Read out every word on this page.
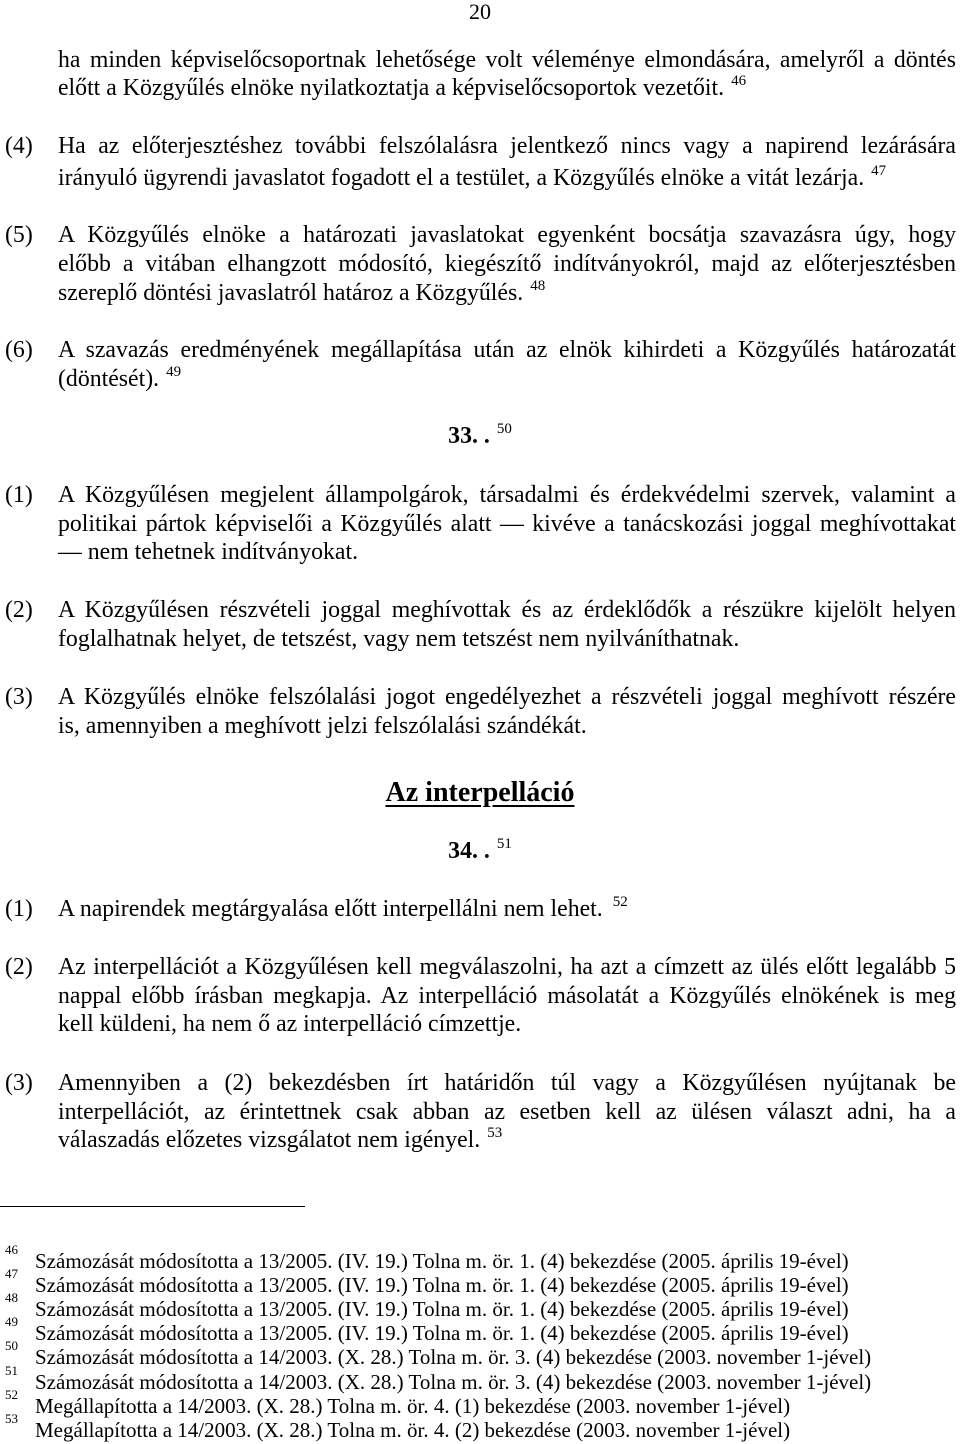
20
ha minden képviselőcsoportnak lehetősége volt véleménye elmondására, amelyről a döntés
előtt a Közgyűlés elnöke nyilatkoztatja a képviselőcsoportok vezetőit. $^{46}$
(4) Ha az előterjesztéshez további felszólalásra jelentkező nincs vagy a napirend lezárására
irányuló ügyrendi javaslatot fogadott el a testület, a Közgyűlés elnöke a vitát lezárja. $^{47}$
(5) A Közgyűlés elnöke a határozati javaslatokat egyenként bocsátja szavazásra úgy, hogy
előbb a vitában elhangzott módosító, kiegészítő indítványokról, majd az előterjesztésben
szereplő döntési javaslatról határoz a Közgyűlés. $^{48}$
(6) A szavazás eredményének megállapítása után az elnök kihirdeti a Közgyűlés határozatát
(döntését). $^{49}$
33. . $^{50}$
(1) A Közgyűlésen megjelent állampolgárok, társadalmi és érdekvédelmi szervek, valamint a
politikai pártok képviselői a Közgyűlés alatt — kivéve a tanácskozási joggal meghívottakat
— nem tehetnek indítványokat.
(2) A Közgyűlésen részvételi joggal meghívottak és az érdeklődők a részükre kijelölt helyen
foglalhatnak helyet, de tetszést, vagy nem tetszést nem nyilváníthatnak.
(3) A Közgyűlés elnöke felszólalási jogot engedélyezhet a részvételi joggal meghívott részére
is, amennyiben a meghívott jelzi felszólalási szándékát.
Az interpelláció
34. . $^{51}$
(1) A napirendek megtárgyalása előtt interpellálni nem lehet. $^{52}$
(2) Az interpellációt a Közgyűlésen kell megválaszolni, ha azt a címzett az ülés előtt legalább 5
nappal előbb írásban megkapja. Az interpelláció másolatát a Közgyűlés elnökének is meg
kell küldeni, ha nem ő az interpelláció címzettje.
(3) Amennyiben a (2) bekezdésben írt határidőn túl vagy a Közgyűlésen nyújtanak be
interpellációt, az érintettnek csak abban az esetben kell az ülésen választ adni, ha a
válaszadás előzetes vizsgálatot nem igényel. $^{53}$
46 Számozását módosította a 13/2005. (IV. 19.) Tolna m. ör. 1. (4) bekezdése (2005. április 19-ével)
47 Számozását módosította a 13/2005. (IV. 19.) Tolna m. ör. 1. (4) bekezdése (2005. április 19-ével)
48 Számozását módosította a 13/2005. (IV. 19.) Tolna m. ör. 1. (4) bekezdése (2005. április 19-ével)
49 Számozását módosította a 13/2005. (IV. 19.) Tolna m. ör. 1. (4) bekezdése (2005. április 19-ével)
50 Számozását módosította a 14/2003. (X. 28.) Tolna m. ör. 3. (4) bekezdése (2003. november 1-jével)
51 Számozását módosította a 14/2003. (X. 28.) Tolna m. ör. 3. (4) bekezdése (2003. november 1-jével)
52 Megállapította a 14/2003. (X. 28.) Tolna m. ör. 4. (1) bekezdése (2003. november 1-jével)
53 Megállapította a 14/2003. (X. 28.) Tolna m. ör. 4. (2) bekezdése (2003. november 1-jével)
